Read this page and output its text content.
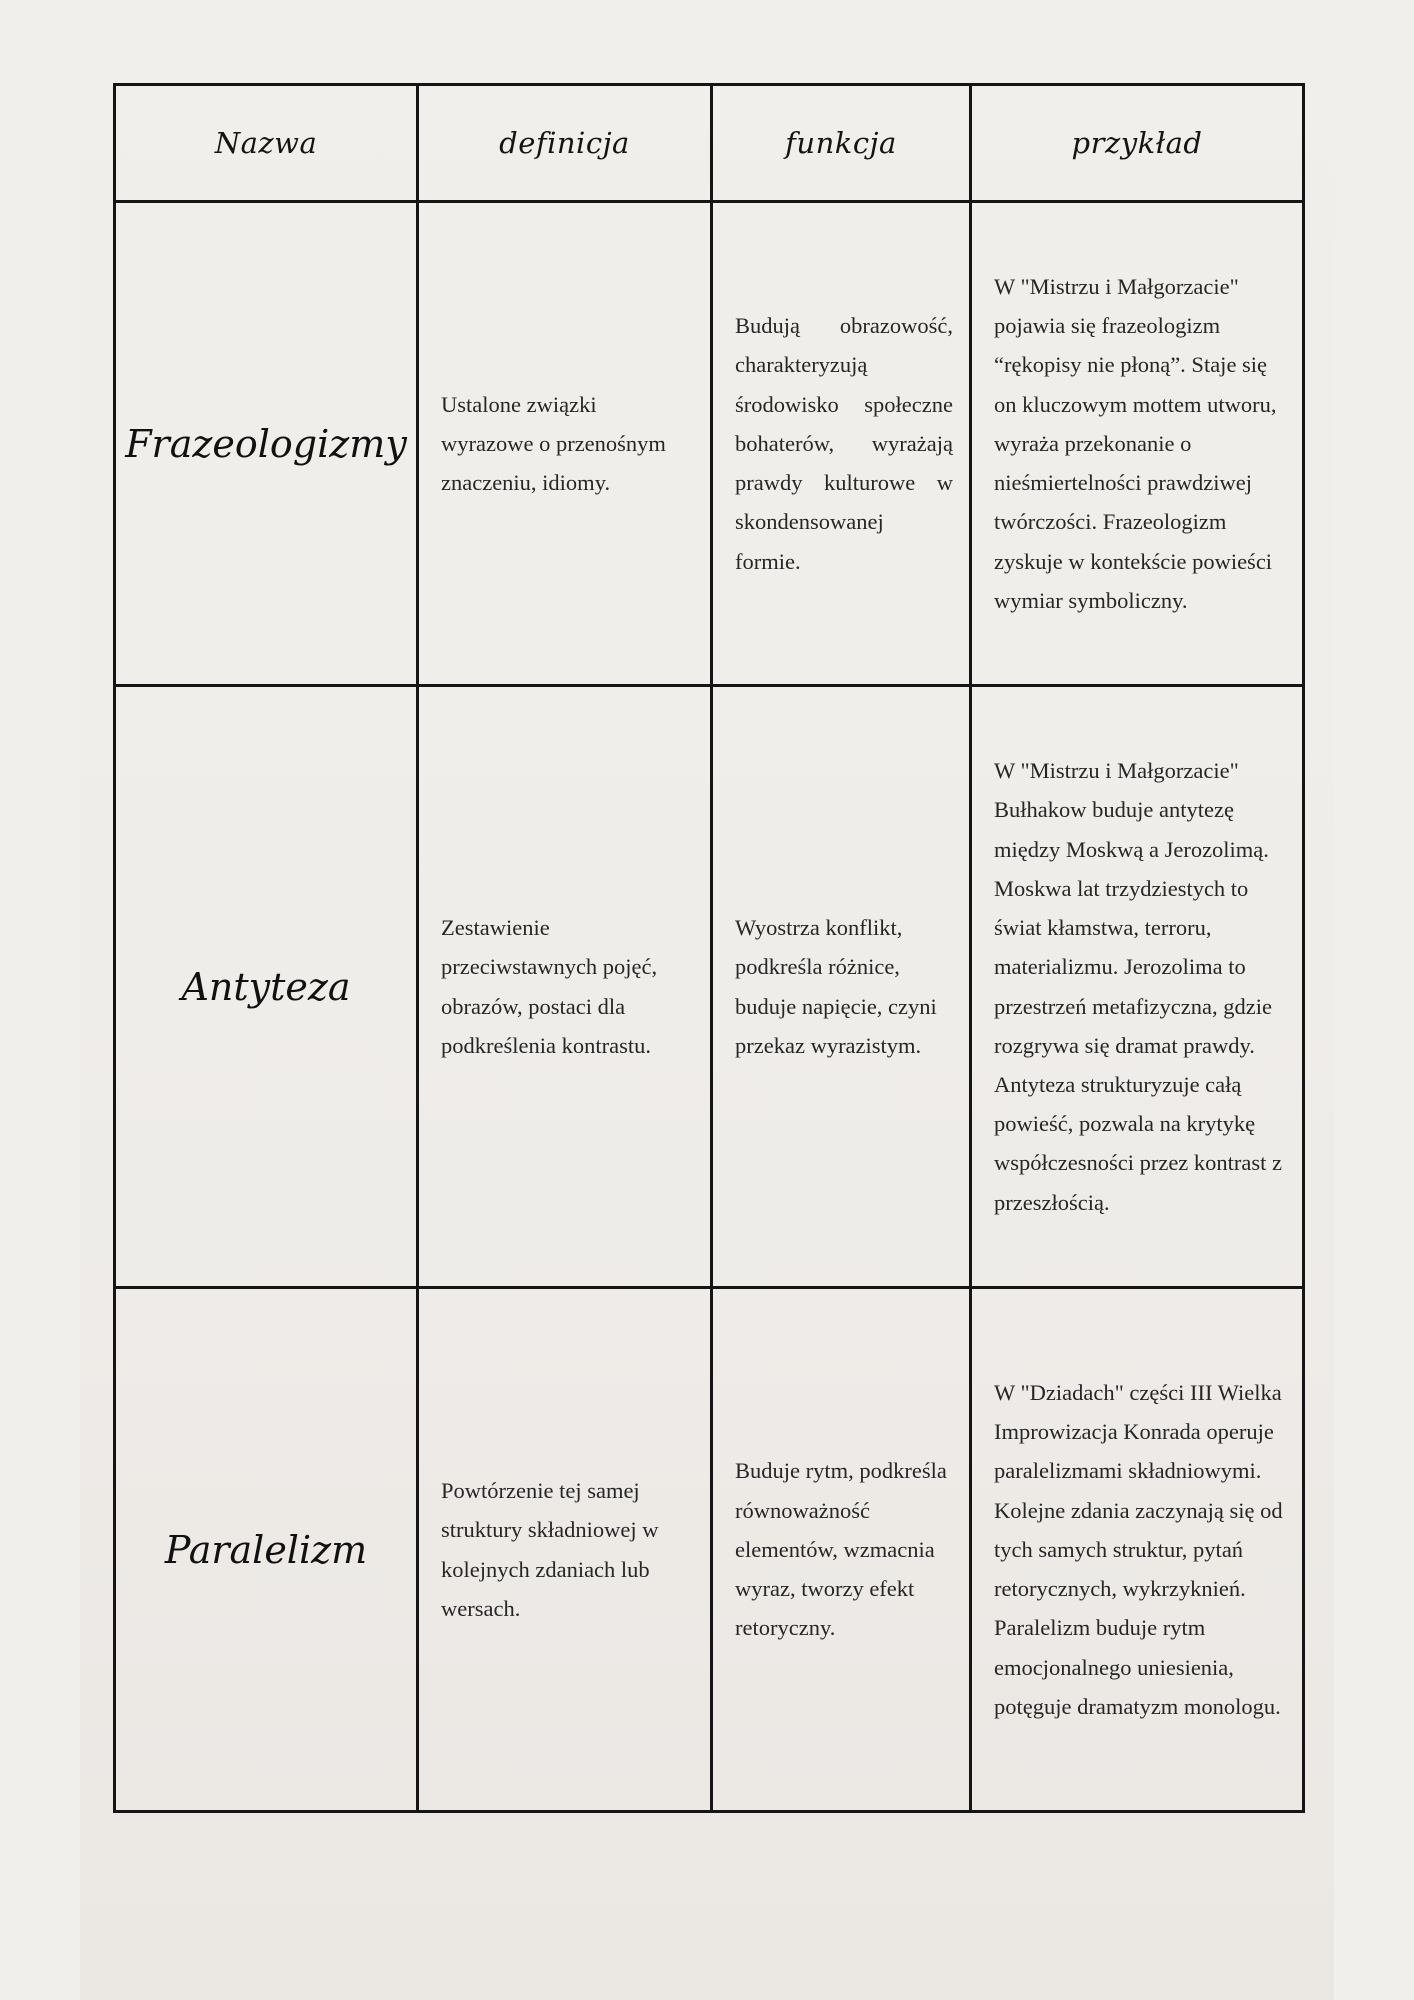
Nazwa	definicja	funkcja	przykład
Frazeologizmy	Ustalone związki wyrazowe o przenośnym znaczeniu, idiomy.	Budują obrazowość, charakteryzują środowisko społeczne bohaterów, wyrażają prawdy kulturowe w skondensowanej formie.	W "Mistrzu i Małgorzacie" pojawia się frazeologizm “rękopisy nie płoną”. Staje się on kluczowym mottem utworu, wyraża przekonanie o nieśmiertelności prawdziwej twórczości. Frazeologizm zyskuje w kontekście powieści wymiar symboliczny.

Antyteza	Zestawienie przeciwstawnych pojęć, obrazów, postaci dla podkreślenia kontrastu.	Wyostrza konflikt, podkreśla różnice, buduje napięcie, czyni przekaz wyrazistym.	W "Mistrzu i Małgorzacie" Bułhakow buduje antytezę między Moskwą a Jerozolimą. Moskwa lat trzydziestych to świat kłamstwa, terroru, materializmu. Jerozolima to przestrzeń metafizyczna, gdzie rozgrywa się dramat prawdy. Antyteza strukturyzuje całą powieść, pozwala na krytykę współczesności przez kontrast z przeszłością.

Paralelizm	Powtórzenie tej samej struktury składniowej w kolejnych zdaniach lub wersach.	Buduje rytm, podkreśla równoważność elementów, wzmacnia wyraz, tworzy efekt retoryczny.	W "Dziadach" części III Wielka Improwizacja Konrada operuje paralelizmami składniowymi. Kolejne zdania zaczynają się od tych samych struktur, pytań retorycznych, wykrzyknień. Paralelizm buduje rytm emocjonalnego uniesienia, potęguje dramatyzm monologu.
